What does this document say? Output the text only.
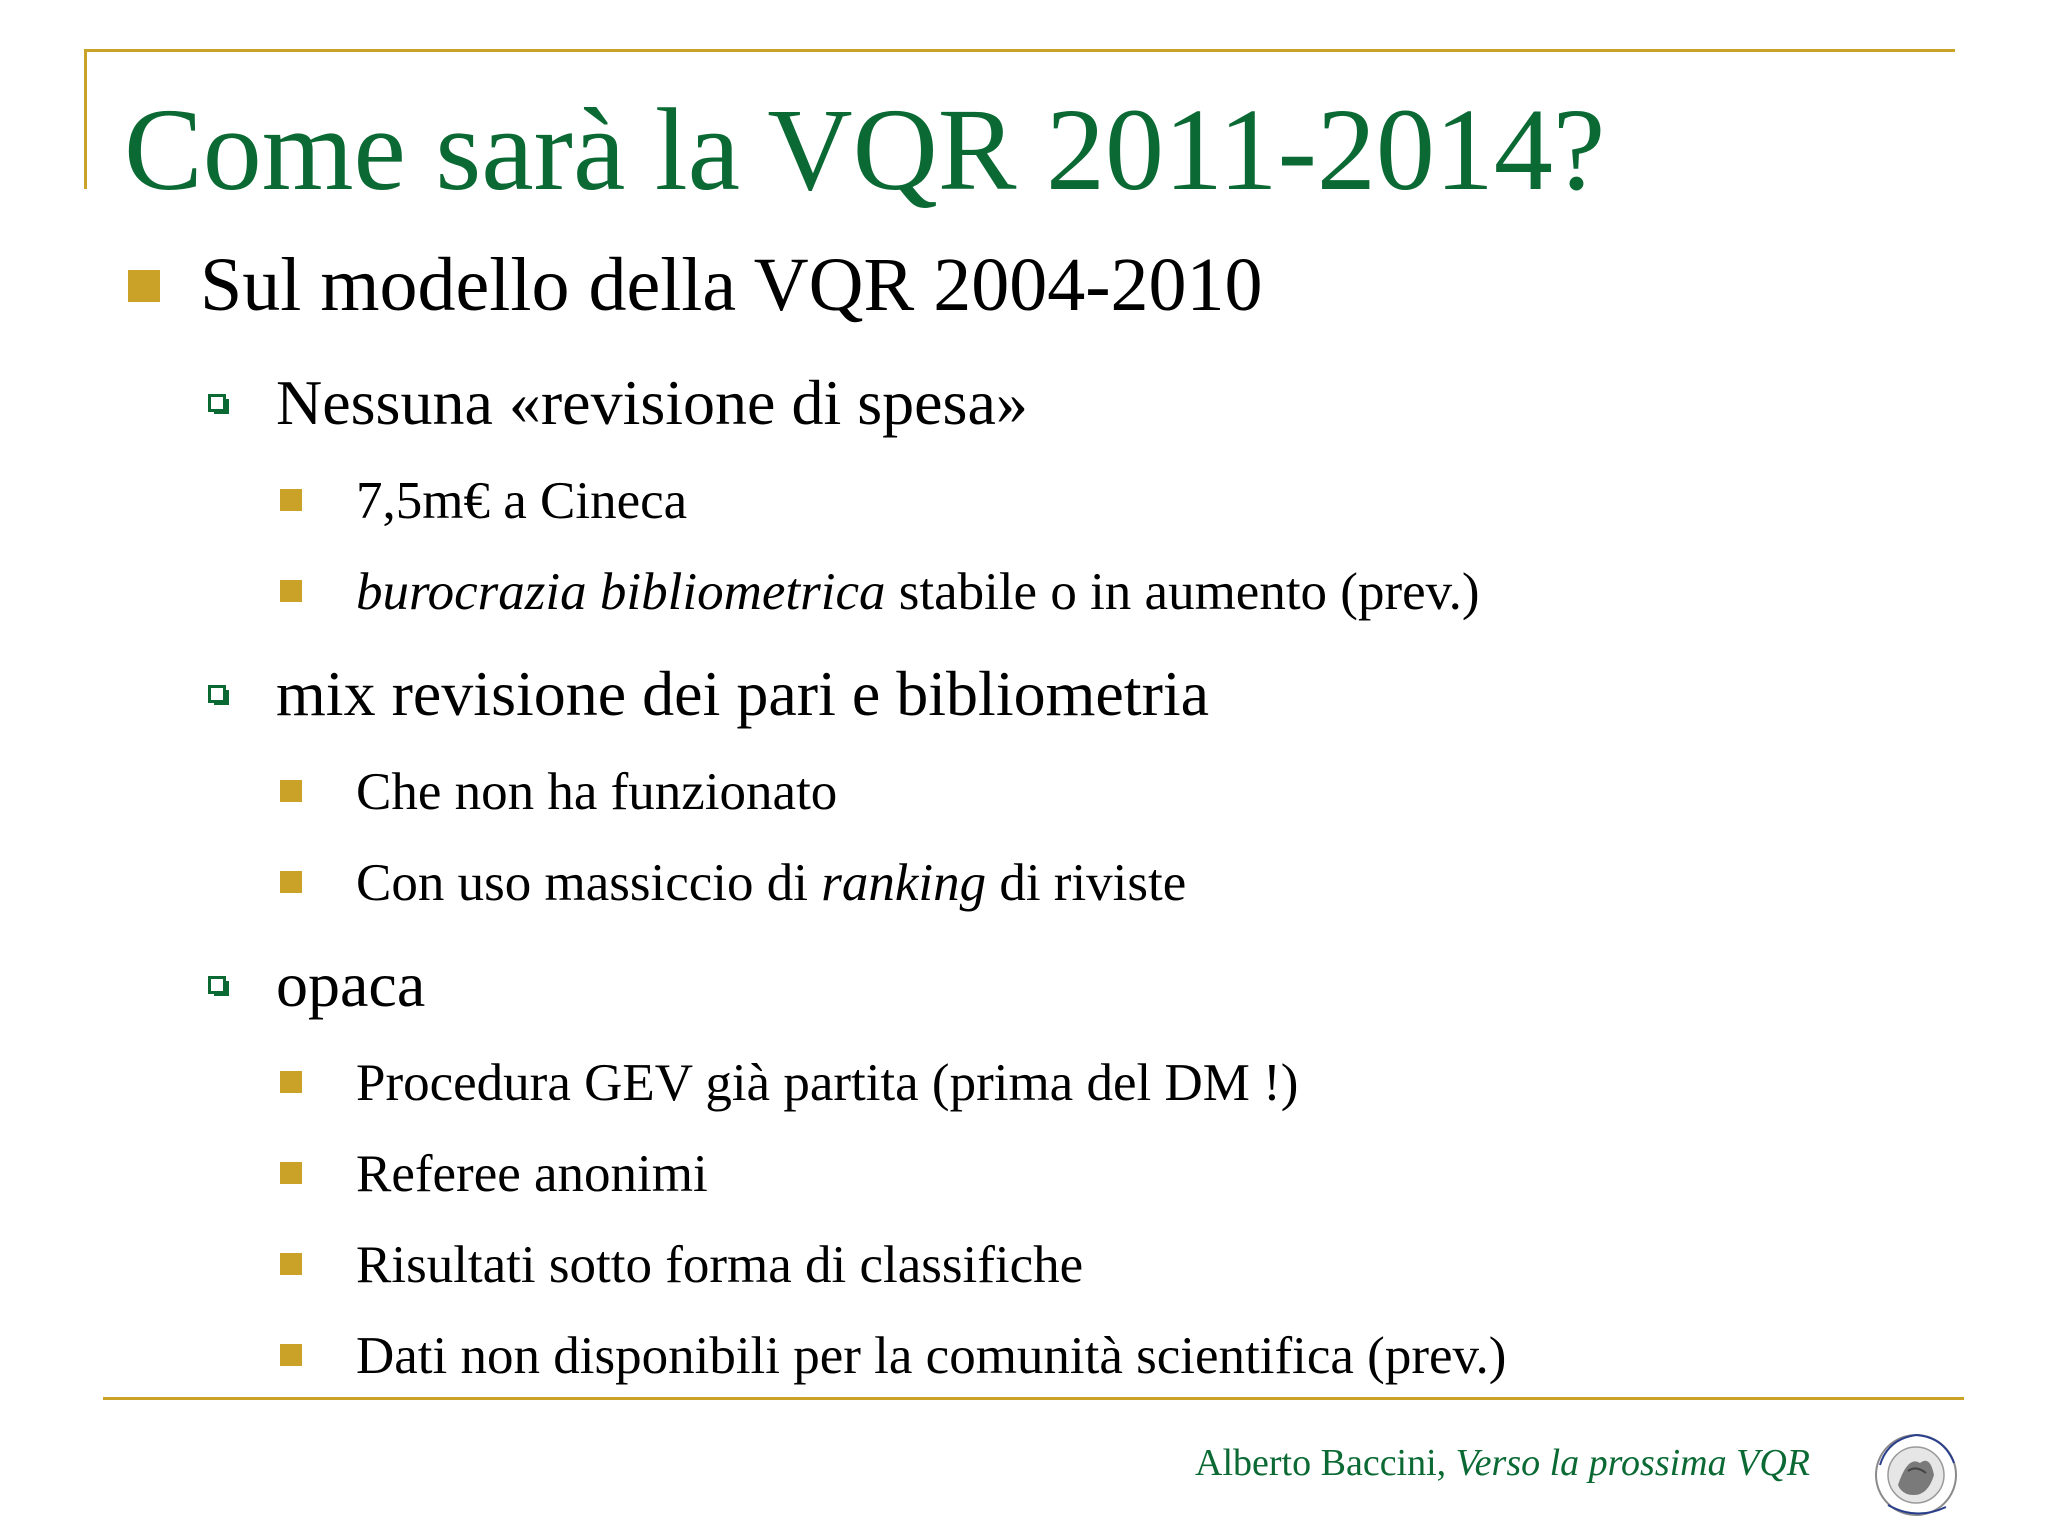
Come sarà la VQR 2011-2014?
Sul modello della VQR 2004-2010
Nessuna «revisione di spesa»
7,5m€ a Cineca
burocrazia bibliometrica stabile o in aumento (prev.)
mix revisione dei pari e bibliometria
Che non ha funzionato
Con uso massiccio di ranking di riviste
opaca
Procedura GEV già partita (prima del DM !)
Referee anonimi
Risultati sotto forma di classifiche
Dati non disponibili per la comunità scientifica (prev.)
Alberto Baccini, Verso la prossima VQR
